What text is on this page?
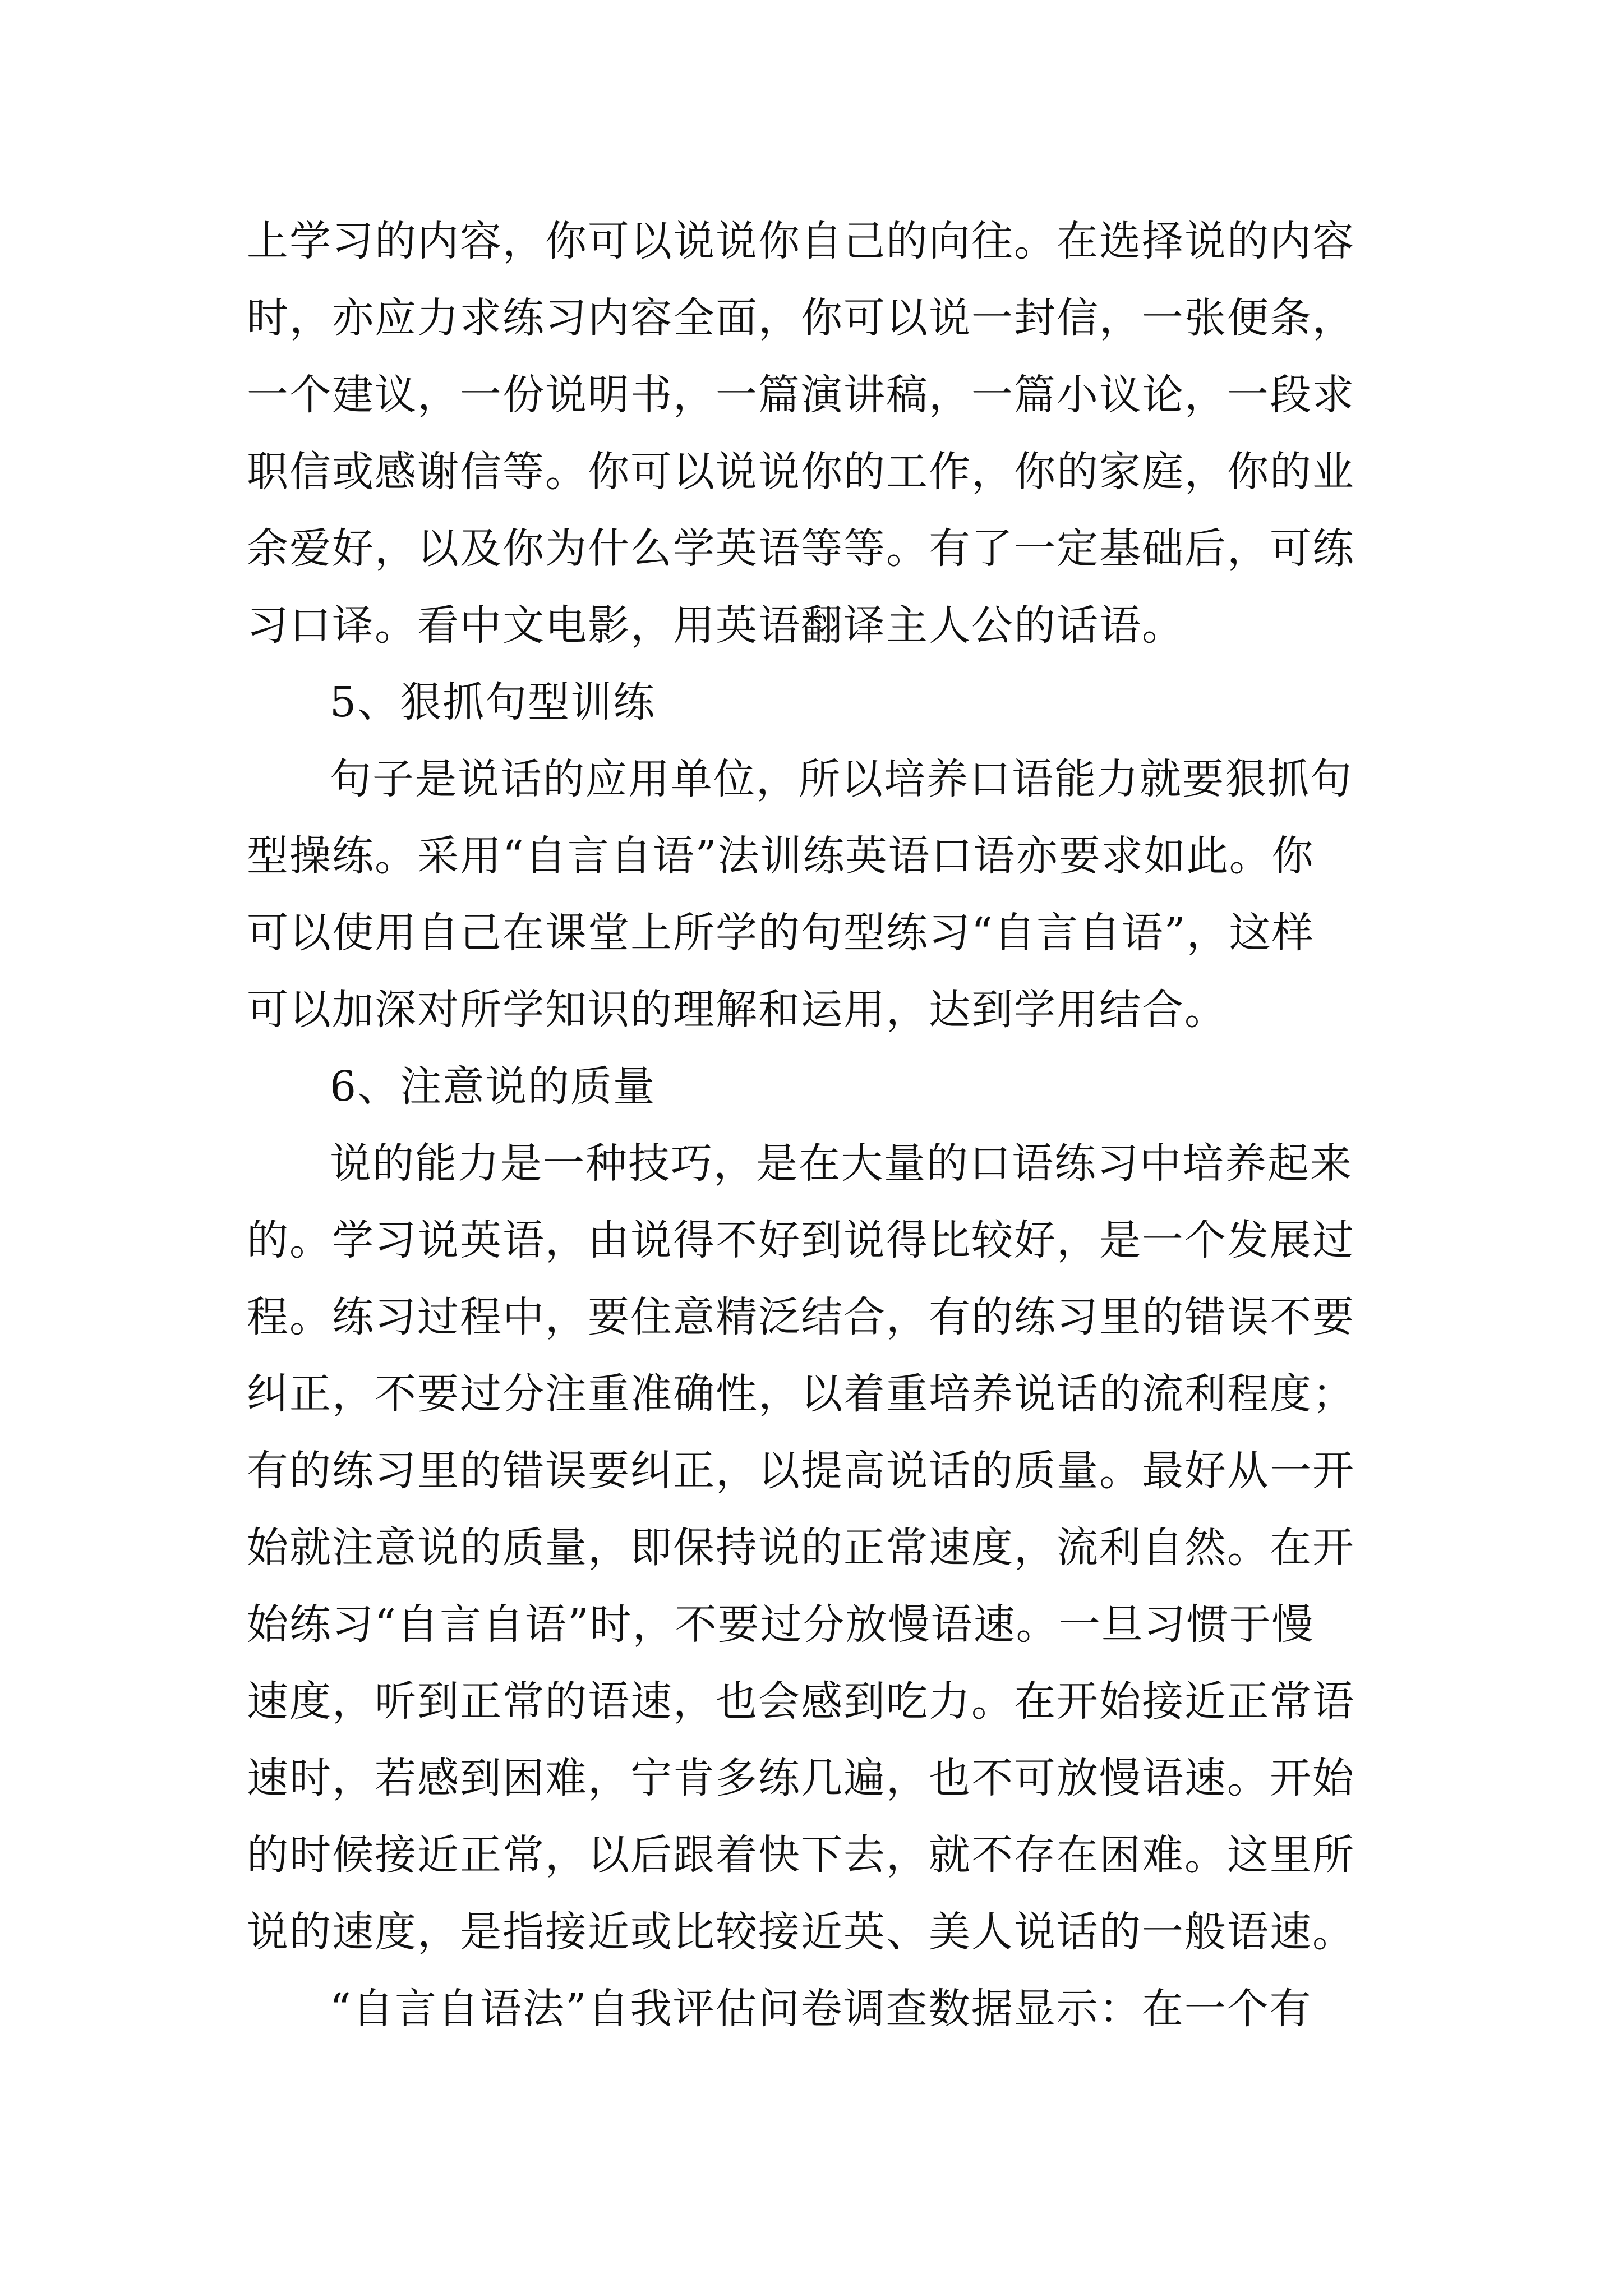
上学习的内容，你可以说说你自己的向往。在选择说的内容

时，亦应力求练习内容全面，你可以说一封信，一张便条，

一个建议，一份说明书，一篇演讲稿，一篇小议论，一段求

职信或感谢信等。你可以说说你的工作，你的家庭，你的业

余爱好，以及你为什么学英语等等。有了一定基础后，可练

习口译。看中文电影，用英语翻译主人公的话语。

5、狠抓句型训练

句子是说话的应用单位，所以培养口语能力就要狠抓句

型操练。采用“自言自语”法训练英语口语亦要求如此。你

可以使用自己在课堂上所学的句型练习“自言自语”，这样

可以加深对所学知识的理解和运用，达到学用结合。

6、注意说的质量

说的能力是一种技巧，是在大量的口语练习中培养起来

的。学习说英语，由说得不好到说得比较好，是一个发展过

程。练习过程中，要住意精泛结合，有的练习里的错误不要

纠正，不要过分注重准确性，以着重培养说话的流利程度；

有的练习里的错误要纠正，以提高说话的质量。最好从一开

始就注意说的质量，即保持说的正常速度，流利自然。在开

始练习“自言自语”时，不要过分放慢语速。一旦习惯于慢

速度，听到正常的语速，也会感到吃力。在开始接近正常语

速时，若感到困难，宁肯多练几遍，也不可放慢语速。开始

的时候接近正常，以后跟着快下去，就不存在困难。这里所

说的速度，是指接近或比较接近英、美人说话的一般语速。

“自言自语法”自我评估问卷调查数据显示：在一个有
